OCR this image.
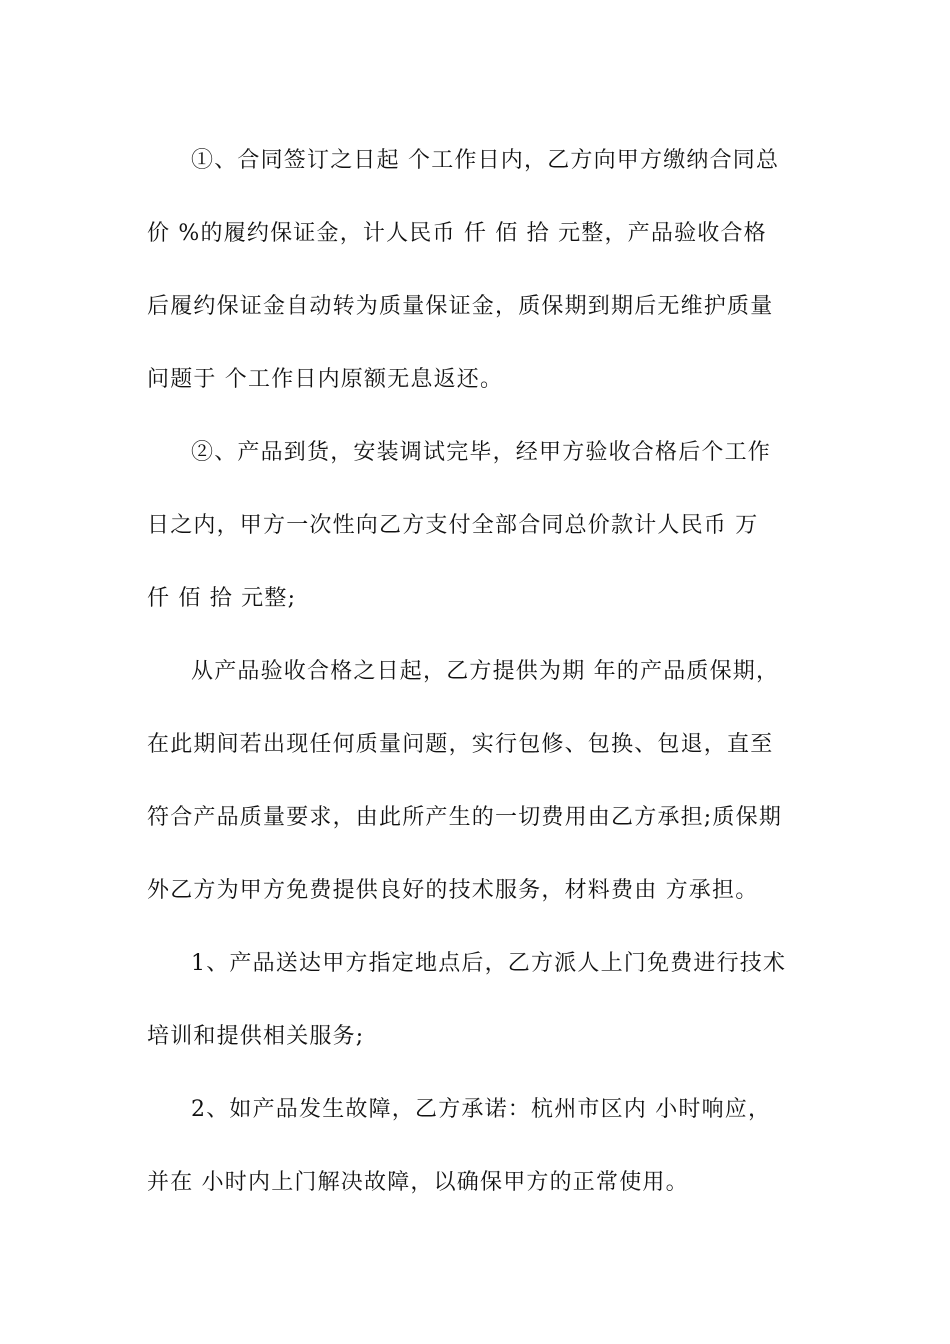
①、合同签订之日起 个工作日内，乙方向甲方缴纳合同总
价 %的履约保证金，计人民币 仟 佰 拾 元整，产品验收合格
后履约保证金自动转为质量保证金，质保期到期后无维护质量
问题于 个工作日内原额无息返还。
②、产品到货，安装调试完毕，经甲方验收合格后个工作
日之内，甲方一次性向乙方支付全部合同总价款计人民币 万
仟 佰 拾 元整;
从产品验收合格之日起，乙方提供为期 年的产品质保期，
在此期间若出现任何质量问题，实行包修、包换、包退，直至
符合产品质量要求，由此所产生的一切费用由乙方承担;质保期
外乙方为甲方免费提供良好的技术服务，材料费由 方承担。
1、产品送达甲方指定地点后，乙方派人上门免费进行技术
培训和提供相关服务;
2、如产品发生故障，乙方承诺：杭州市区内 小时响应，
并在 小时内上门解决故障，以确保甲方的正常使用。
